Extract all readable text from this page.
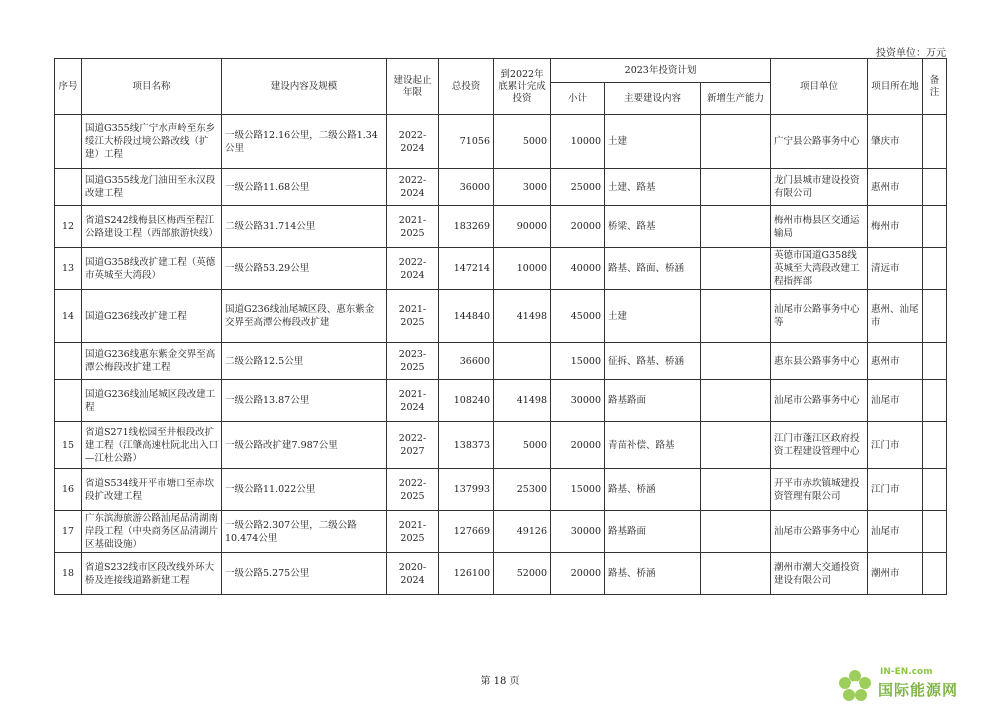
投资单位：万元
序号	项目名称	建设内容及规模	建设起止年限	总投资	到2022年底累计完成投资	2023年投资计划			项目单位	项目所在地	备注
						小计	主要建设内容	新增生产能力			
	国道G355线广宁水声岭至东乡绥江大桥段过境公路改线（扩建）工程	一级公路12.16公里，二级公路1.34公里	2022-2024	71056	5000	10000	土建		广宁县公路事务中心	肇庆市	
	国道G355线龙门油田至永汉段改建工程	一级公路11.68公里	2022-2024	36000	3000	25000	土建、路基		龙门县城市建设投资有限公司	惠州市	
12	省道S242线梅县区梅西至程江公路建设工程（西部旅游快线）	二级公路31.714公里	2021-2025	183269	90000	20000	桥梁、路基		梅州市梅县区交通运输局	梅州市	
13	国道G358线改扩建工程（英德市英城至大湾段）	一级公路53.29公里	2022-2024	147214	10000	40000	路基、路面、桥涵		英德市国道G358线英城至大湾段改建工程指挥部	清远市	
14	国道G236线改扩建工程	国道G236线汕尾城区段、惠东紫金交界至高潭公梅段改扩建	2021-2025	144840	41498	45000	土建		汕尾市公路事务中心等	惠州、汕尾市	
	国道G236线惠东紫金交界至高潭公梅段改扩建工程	二级公路12.5公里	2023-2025	36600		15000	征拆、路基、桥涵		惠东县公路事务中心	惠州市	
	国道G236线汕尾城区段改建工程	一级公路13.87公里	2021-2024	108240	41498	30000	路基路面		汕尾市公路事务中心	汕尾市	
15	省道S271线松园至井根段改扩建工程（江肇高速杜阮北出入口—江杜公路）	一级公路改扩建7.987公里	2022-2027	138373	5000	20000	青苗补偿、路基		江门市蓬江区政府投资工程建设管理中心	江门市	
16	省道S534线开平市塘口至赤坎段扩改建工程	一级公路11.022公里	2022-2025	137993	25300	15000	路基、桥涵		开平市赤坎镇城建投资管理有限公司	江门市	
17	广东滨海旅游公路汕尾品清湖南岸段工程（中央商务区品清湖片区基础设施）	一级公路2.307公里，二级公路10.474公里	2021-2025	127669	49126	30000	路基路面		汕尾市公路事务中心	汕尾市	
18	省道S232线市区段改线外环大桥及连接线道路新建工程	一级公路5.275公里	2020-2024	126100	52000	20000	路基、桥涵		潮州市潮大交通投资建设有限公司	潮州市	
第 18 页
IN-EN.com
国际能源网
